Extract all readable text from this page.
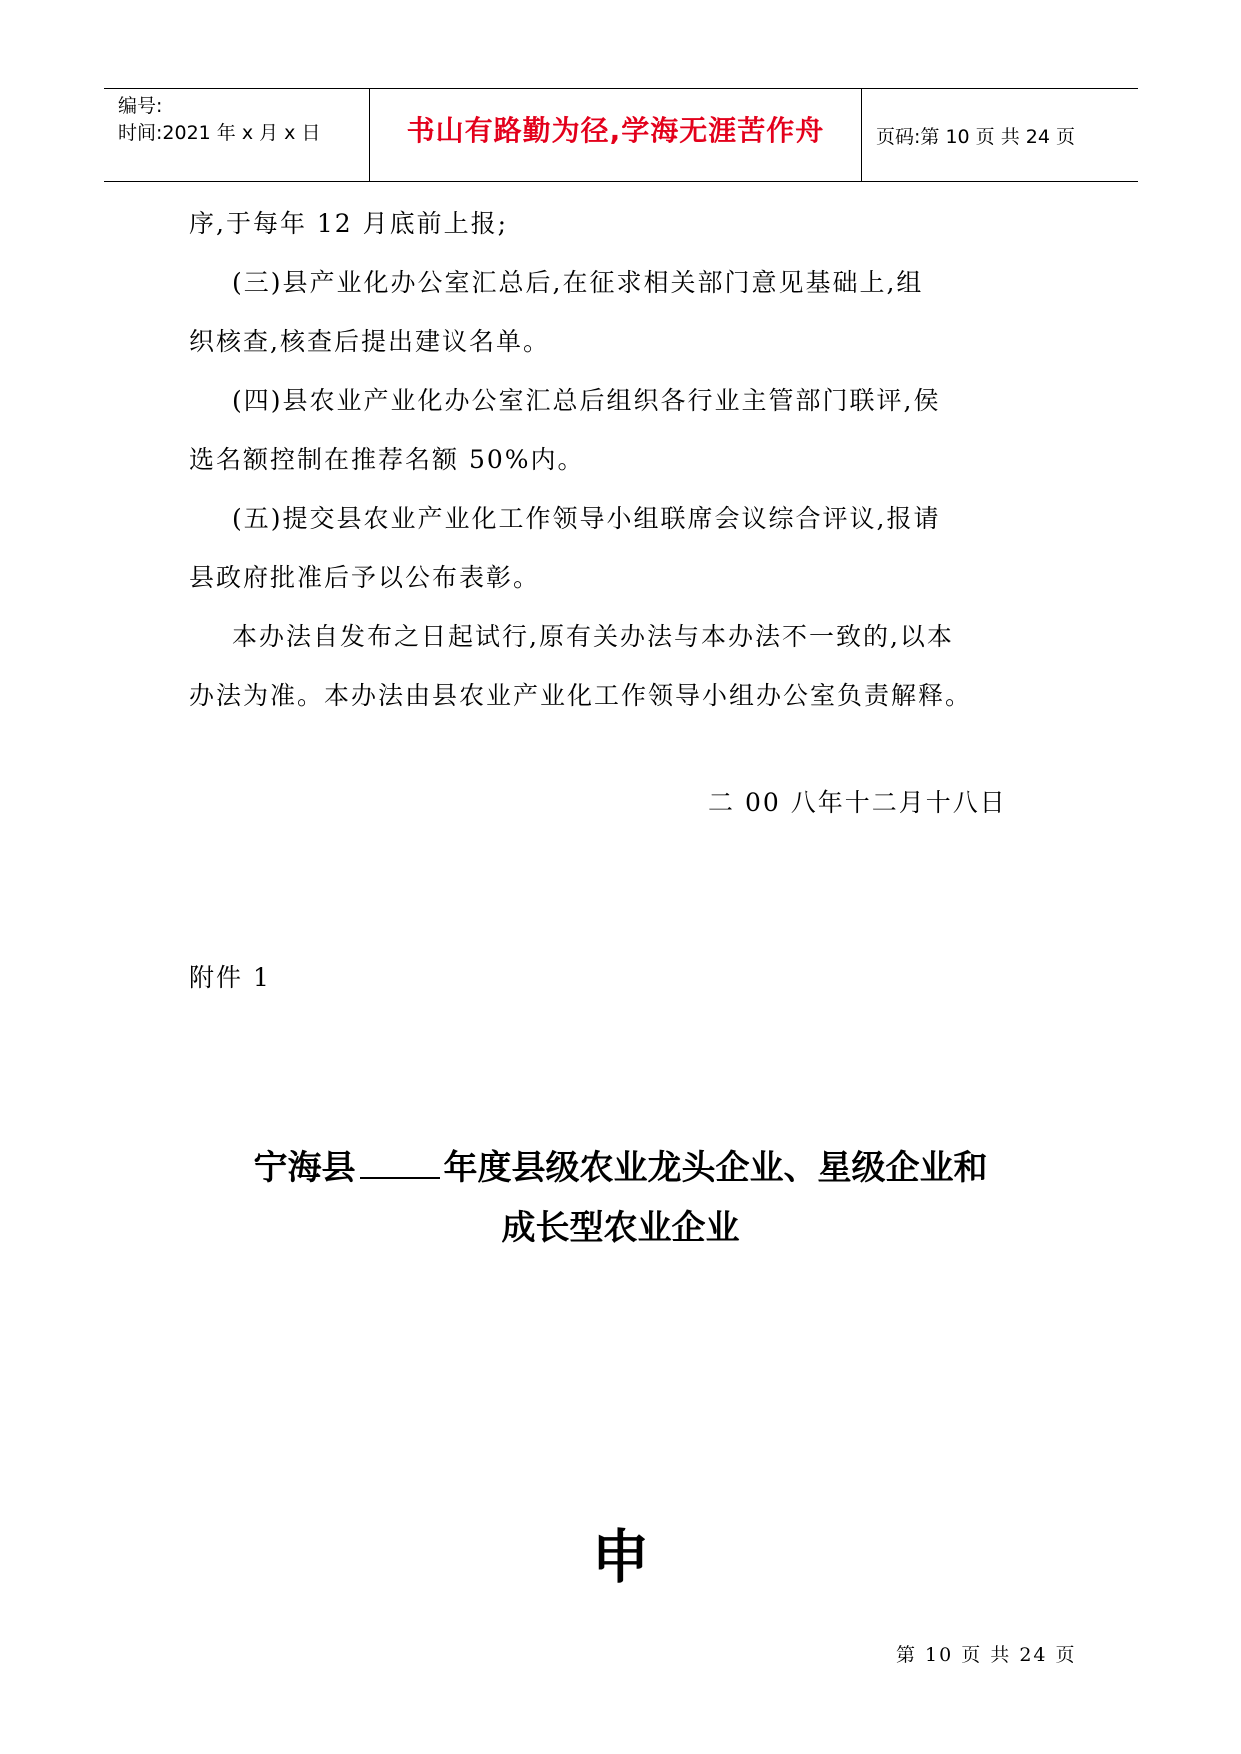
编号:
时间:2021 年 x 月 x 日	书山有路勤为径,学海无涯苦作舟	页码:第 10 页 共 24 页
序,于每年 12 月底前上报;
(三)县产业化办公室汇总后,在征求相关部门意见基础上,组
织核查,核查后提出建议名单。
(四)县农业产业化办公室汇总后组织各行业主管部门联评,侯
选名额控制在推荐名额 50%内。
(五)提交县农业产业化工作领导小组联席会议综合评议,报请
县政府批准后予以公布表彰。
本办法自发布之日起试行,原有关办法与本办法不一致的,以本
办法为准。本办法由县农业产业化工作领导小组办公室负责解释。
二 00 八年十二月十八日
附件 1
宁海县	年度县级农业龙头企业、星级企业和
成长型农业企业
申
第 10 页 共 24 页
